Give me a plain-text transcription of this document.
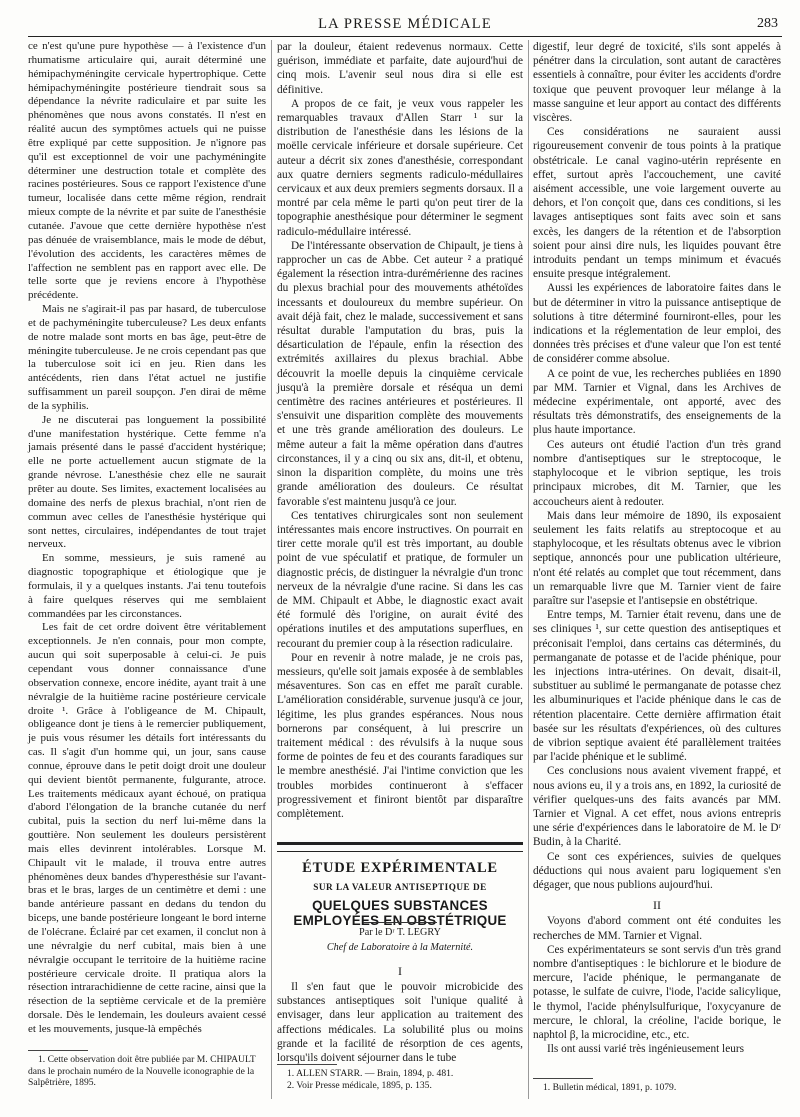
LA PRESSE MÉDICALE	283

ce n'est qu'une pure hypothèse — à l'existence d'un rhumatisme articulaire qui, aurait déterminé une hémipachyméningite cervicale hypertrophique. Cette hémipachyméningite postérieure tiendrait sous sa dépendance la névrite radiculaire et par suite les phénomènes que nous avons constatés. Il n'est en réalité aucun des symptômes actuels qui ne puisse être expliqué par cette supposition. Je n'ignore pas qu'il est exceptionnel de voir une pachyméningite déterminer une destruction totale et complète des racines postérieures. Sous ce rapport l'existence d'une tumeur, localisée dans cette même région, rendrait mieux compte de la névrite et par suite de l'anesthésie cutanée. J'avoue que cette dernière hypothèse n'est pas dénuée de vraisemblance, mais le mode de début, l'évolution des accidents, les caractères mêmes de l'affection ne semblent pas en rapport avec elle. De telle sorte que je reviens encore à l'hypothèse précédente.

Mais ne s'agirait-il pas par hasard, de tuberculose et de pachyméningite tuberculeuse? Les deux enfants de notre malade sont morts en bas âge, peut-être de méningite tuberculeuse. Je ne crois cependant pas que la tuberculose soit ici en jeu. Rien dans les antécédents, rien dans l'état actuel ne justifie suffisamment un pareil soupçon. J'en dirai de même de la syphilis.

Je ne discuterai pas longuement la possibilité d'une manifestation hystérique. Cette femme n'a jamais présenté dans le passé d'accident hystérique; elle ne porte actuellement aucun stigmate de la grande névrose. L'anesthésie chez elle ne saurait prêter au doute. Ses limites, exactement localisées au domaine des nerfs de plexus brachial, n'ont rien de commun avec celles de l'anesthésie hystérique qui sont nettes, circulaires, indépendantes de tout trajet nerveux.

En somme, messieurs, je suis ramené au diagnostic topographique et étiologique que je formulais, il y a quelques instants. J'ai tenu toutefois à faire quelques réserves qui me semblaient commandées par les circonstances.

Les fait de cet ordre doivent être véritablement exceptionnels. Je n'en connais, pour mon compte, aucun qui soit superposable à celui-ci. Je puis cependant vous donner connaissance d'une observation connexe, encore inédite, ayant trait à une névralgie de la huitième racine postérieure cervicale droite ¹. Grâce à l'obligeance de M. Chipault, obligeance dont je tiens à le remercier publiquement, je puis vous résumer les détails fort intéressants du cas. Il s'agit d'un homme qui, un jour, sans cause connue, éprouve dans le petit doigt droit une douleur qui devient bientôt permanente, fulgurante, atroce. Les traitements médicaux ayant échoué, on pratiqua d'abord l'élongation de la branche cutanée du nerf cubital, puis la section du nerf lui-même dans la gouttière. Non seulement les douleurs persistèrent mais elles devinrent intolérables. Lorsque M. Chipault vit le malade, il trouva entre autres phénomènes deux bandes d'hyperesthésie sur l'avant-bras et le bras, larges de un centimètre et demi : une bande antérieure passant en dedans du tendon du biceps, une bande postérieure longeant le bord interne de l'olécrane. Éclairé par cet examen, il conclut non à une névralgie du nerf cubital, mais bien à une névralgie occupant le territoire de la huitième racine postérieure cervicale droite. Il pratiqua alors la résection intrarachidienne de cette racine, ainsi que la résection de la septième cervicale et de la première dorsale. Dès le lendemain, les douleurs avaient cessé et les mouvements, jusque-là empêchés

1. Cette observation doit être publiée par M. CHIPAULT dans le prochain numéro de la Nouvelle iconographie de la Salpêtrière, 1895.

par la douleur, étaient redevenus normaux. Cette guérison, immédiate et parfaite, date aujourd'hui de cinq mois. L'avenir seul nous dira si elle est définitive.

A propos de ce fait, je veux vous rappeler les remarquables travaux d'Allen Starr ¹ sur la distribution de l'anesthésie dans les lésions de la moëlle cervicale inférieure et dorsale supérieure. Cet auteur a décrit six zones d'anesthésie, correspondant aux quatre derniers segments radiculo-médullaires cervicaux et aux deux premiers segments dorsaux. Il a montré par cela même le parti qu'on peut tirer de la topographie anesthésique pour déterminer le segment radiculo-médullaire intéressé.

De l'intéressante observation de Chipault, je tiens à rapprocher un cas de Abbe. Cet auteur ² a pratiqué également la résection intra-durémérienne des racines du plexus brachial pour des mouvements athétoïdes incessants et douloureux du membre supérieur. On avait déjà fait, chez le malade, successivement et sans résultat durable l'amputation du bras, puis la désarticulation de l'épaule, enfin la résection des extrémités axillaires du plexus brachial. Abbe découvrit la moelle depuis la cinquième cervicale jusqu'à la première dorsale et réséqua un demi centimètre des racines antérieures et postérieures. Il s'ensuivit une disparition complète des mouvements et une très grande amélioration des douleurs. Le même auteur a fait la même opération dans d'autres circonstances, il y a cinq ou six ans, dit-il, et obtenu, sinon la disparition complète, du moins une très grande amélioration des douleurs. Ce résultat favorable s'est maintenu jusqu'à ce jour.

Ces tentatives chirurgicales sont non seulement intéressantes mais encore instructives. On pourrait en tirer cette morale qu'il est très important, au double point de vue spéculatif et pratique, de formuler un diagnostic précis, de distinguer la névralgie d'un tronc nerveux de la névralgie d'une racine. Si dans les cas de MM. Chipault et Abbe, le diagnostic exact avait été formulé dès l'origine, on aurait évité des opérations inutiles et des amputations superflues, en recourant du premier coup à la résection radiculaire.

Pour en revenir à notre malade, je ne crois pas, messieurs, qu'elle soit jamais exposée à de semblables mésaventures. Son cas en effet me paraît curable. L'amélioration considérable, survenue jusqu'à ce jour, légitime, les plus grandes espérances. Nous nous bornerons par conséquent, à lui prescrire un traitement médical : des révulsifs à la nuque sous forme de pointes de feu et des courants faradiques sur le membre anesthésié. J'ai l'intime conviction que les troubles morbides continueront à s'effacer progressivement et finiront bientôt par disparaître complètement.

ÉTUDE EXPÉRIMENTALE
SUR LA VALEUR ANTISEPTIQUE DE
QUELQUES SUBSTANCES EMPLOYÉES EN OBSTÉTRIQUE
Par le Dʳ T. LEGRY
Chef de Laboratoire à la Maternité.
I

Il s'en faut que le pouvoir microbicide des substances antiseptiques soit l'unique qualité à envisager, dans leur application au traitement des affections médicales. La solubilité plus ou moins grande et la facilité de résorption de ces agents, lorsqu'ils doivent séjourner dans le tube

1. ALLEN STARR. — Brain, 1894, p. 481.

2. Voir Presse médicale, 1895, p. 135.

digestif, leur degré de toxicité, s'ils sont appelés à pénétrer dans la circulation, sont autant de caractères essentiels à connaître, pour éviter les accidents d'ordre toxique que peuvent provoquer leur mélange à la masse sanguine et leur apport au contact des différents viscères.

Ces considérations ne sauraient aussi rigoureusement convenir de tous points à la pratique obstétricale. Le canal vagino-utérin représente en effet, surtout après l'accouchement, une cavité aisément accessible, une voie largement ouverte au dehors, et l'on conçoit que, dans ces conditions, si les lavages antiseptiques sont faits avec soin et sans excès, les dangers de la rétention et de l'absorption soient pour ainsi dire nuls, les liquides pouvant être introduits pendant un temps minimum et évacués ensuite presque intégralement.

Aussi les expériences de laboratoire faites dans le but de déterminer in vitro la puissance antiseptique de solutions à titre déterminé fourniront-elles, pour les indications et la réglementation de leur emploi, des données très précises et d'une valeur que l'on est tenté de considérer comme absolue.

A ce point de vue, les recherches publiées en 1890 par MM. Tarnier et Vignal, dans les Archives de médecine expérimentale, ont apporté, avec des résultats très démonstratifs, des enseignements de la plus haute importance.

Ces auteurs ont étudié l'action d'un très grand nombre d'antiseptiques sur le streptocoque, le staphylocoque et le vibrion septique, les trois principaux microbes, dit M. Tarnier, que les accoucheurs aient à redouter.

Mais dans leur mémoire de 1890, ils exposaient seulement les faits relatifs au streptocoque et au staphylocoque, et les résultats obtenus avec le vibrion septique, annoncés pour une publication ultérieure, n'ont été relatés au complet que tout récemment, dans un remarquable livre que M. Tarnier vient de faire paraître sur l'asepsie et l'antisepsie en obstétrique.

Entre temps, M. Tarnier était revenu, dans une de ses cliniques ¹, sur cette question des antiseptiques et préconisait l'emploi, dans certains cas déterminés, du permanganate de potasse et de l'acide phénique, pour les injections intra-utérines. On devait, disait-il, substituer au sublimé le permanganate de potasse chez les albuminuriques et l'acide phénique dans le cas de rétention placentaire. Cette dernière affirmation était basée sur les résultats d'expériences, où des cultures de vibrion septique avaient été parallèlement traitées par l'acide phénique et le sublimé.

Ces conclusions nous avaient vivement frappé, et nous avions eu, il y a trois ans, en 1892, la curiosité de vérifier quelques-uns des faits avancés par MM. Tarnier et Vignal. A cet effet, nous avions entrepris une série d'expériences dans le laboratoire de M. le Dʳ Budin, à la Charité.

Ce sont ces expériences, suivies de quelques déductions qui nous avaient paru logiquement s'en dégager, que nous publions aujourd'hui.

II

Voyons d'abord comment ont été conduites les recherches de MM. Tarnier et Vignal.

Ces expérimentateurs se sont servis d'un très grand nombre d'antiseptiques : le bichlorure et le biodure de mercure, l'acide phénique, le permanganate de potasse, le sulfate de cuivre, l'iode, l'acide salicylique, le thymol, l'acide phénylsulfurique, l'oxycyanure de mercure, le chloral, la créoline, l'acide borique, le naphtol β, la microcidine, etc., etc.

Ils ont aussi varié très ingénieusement leurs

1. Bulletin médical, 1891, p. 1079.
